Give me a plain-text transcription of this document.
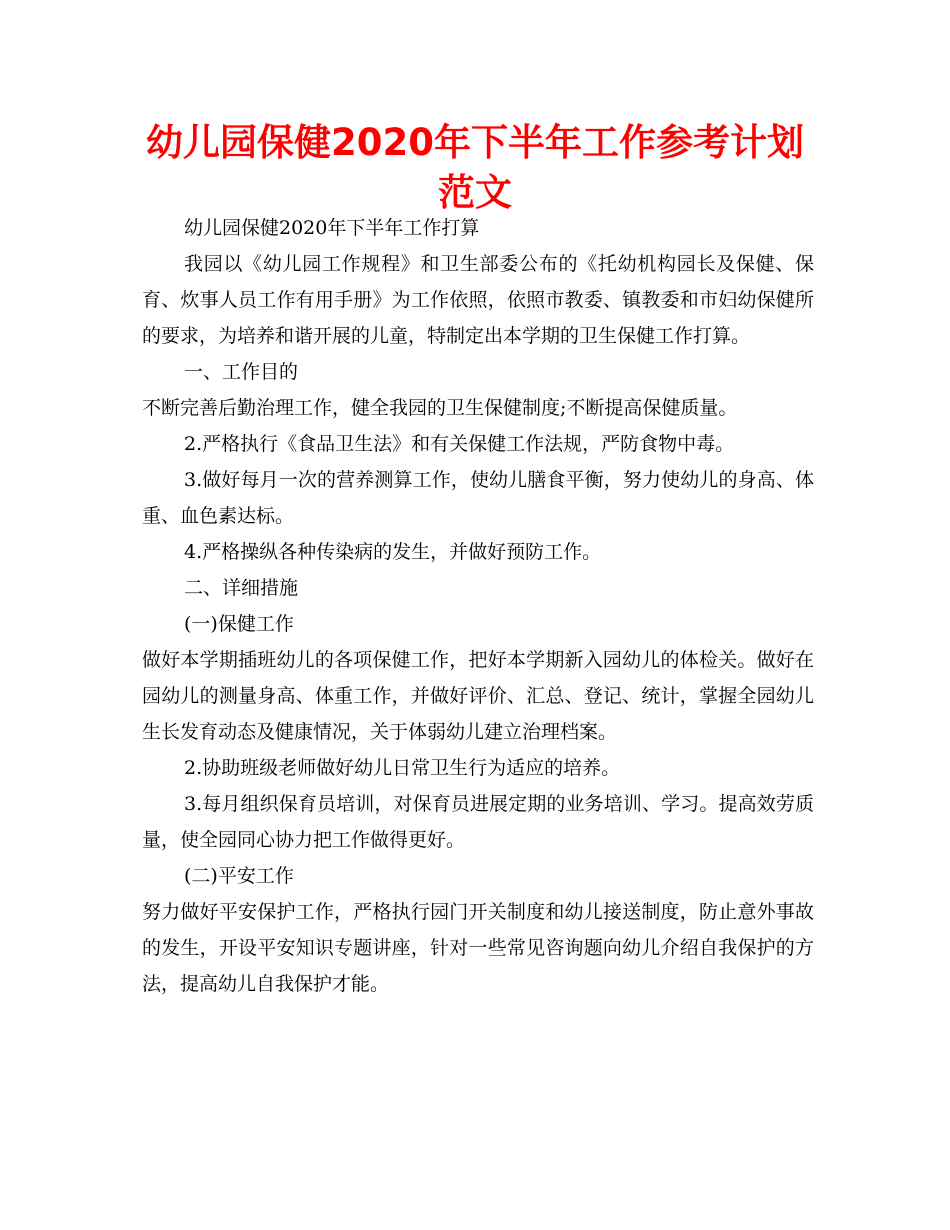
幼儿园保健2020年下半年工作参考计划范文

幼儿园保健2020年下半年工作打算

我园以《幼儿园工作规程》和卫生部委公布的《托幼机构园长及保健、保育、炊事人员工作有用手册》为工作依照，依照市教委、镇教委和市妇幼保健所的要求，为培养和谐开展的儿童，特制定出本学期的卫生保健工作打算。

一、工作目的

不断完善后勤治理工作，健全我园的卫生保健制度;不断提高保健质量。

2.严格执行《食品卫生法》和有关保健工作法规，严防食物中毒。

3.做好每月一次的营养测算工作，使幼儿膳食平衡，努力使幼儿的身高、体重、血色素达标。

4.严格操纵各种传染病的发生，并做好预防工作。

二、详细措施

(一)保健工作

做好本学期插班幼儿的各项保健工作，把好本学期新入园幼儿的体检关。做好在园幼儿的测量身高、体重工作，并做好评价、汇总、登记、统计，掌握全园幼儿生长发育动态及健康情况，关于体弱幼儿建立治理档案。

2.协助班级老师做好幼儿日常卫生行为适应的培养。

3.每月组织保育员培训，对保育员进展定期的业务培训、学习。提高效劳质量，使全园同心协力把工作做得更好。

(二)平安工作

努力做好平安保护工作，严格执行园门开关制度和幼儿接送制度，防止意外事故的发生，开设平安知识专题讲座，针对一些常见咨询题向幼儿介绍自我保护的方法，提高幼儿自我保护才能。
